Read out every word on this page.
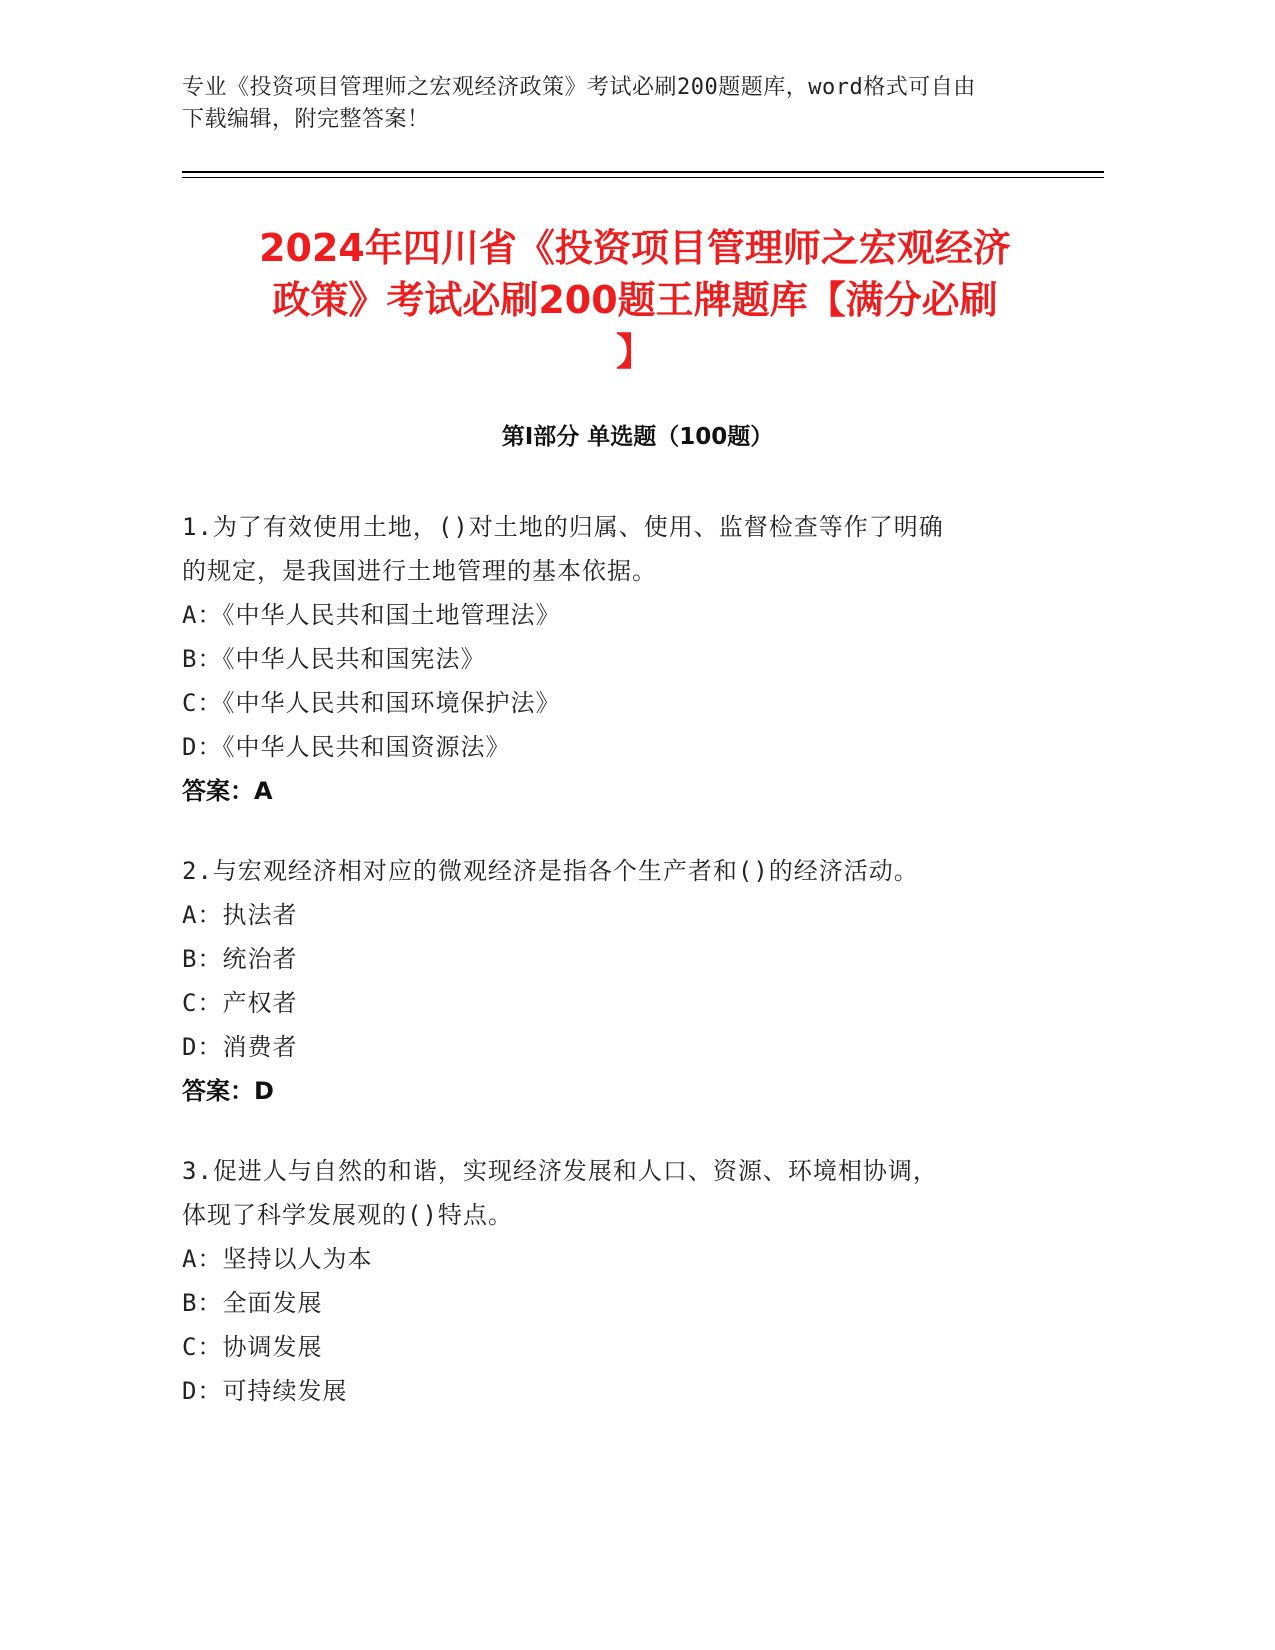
专业《投资项目管理师之宏观经济政策》考试必刷200题题库，word格式可自由
下载编辑，附完整答案！
2024年四川省《投资项目管理师之宏观经济
政策》考试必刷200题王牌题库【满分必刷
】
第I部分 单选题（100题）
1.为了有效使用土地，()对土地的归属、使用、监督检查等作了明确
的规定，是我国进行土地管理的基本依据。
A：《中华人民共和国土地管理法》
B：《中华人民共和国宪法》
C：《中华人民共和国环境保护法》
D：《中华人民共和国资源法》
答案：A
2.与宏观经济相对应的微观经济是指各个生产者和()的经济活动。
A：执法者
B：统治者
C：产权者
D：消费者
答案：D
3.促进人与自然的和谐，实现经济发展和人口、资源、环境相协调，
体现了科学发展观的()特点。
A：坚持以人为本
B：全面发展
C：协调发展
D：可持续发展
